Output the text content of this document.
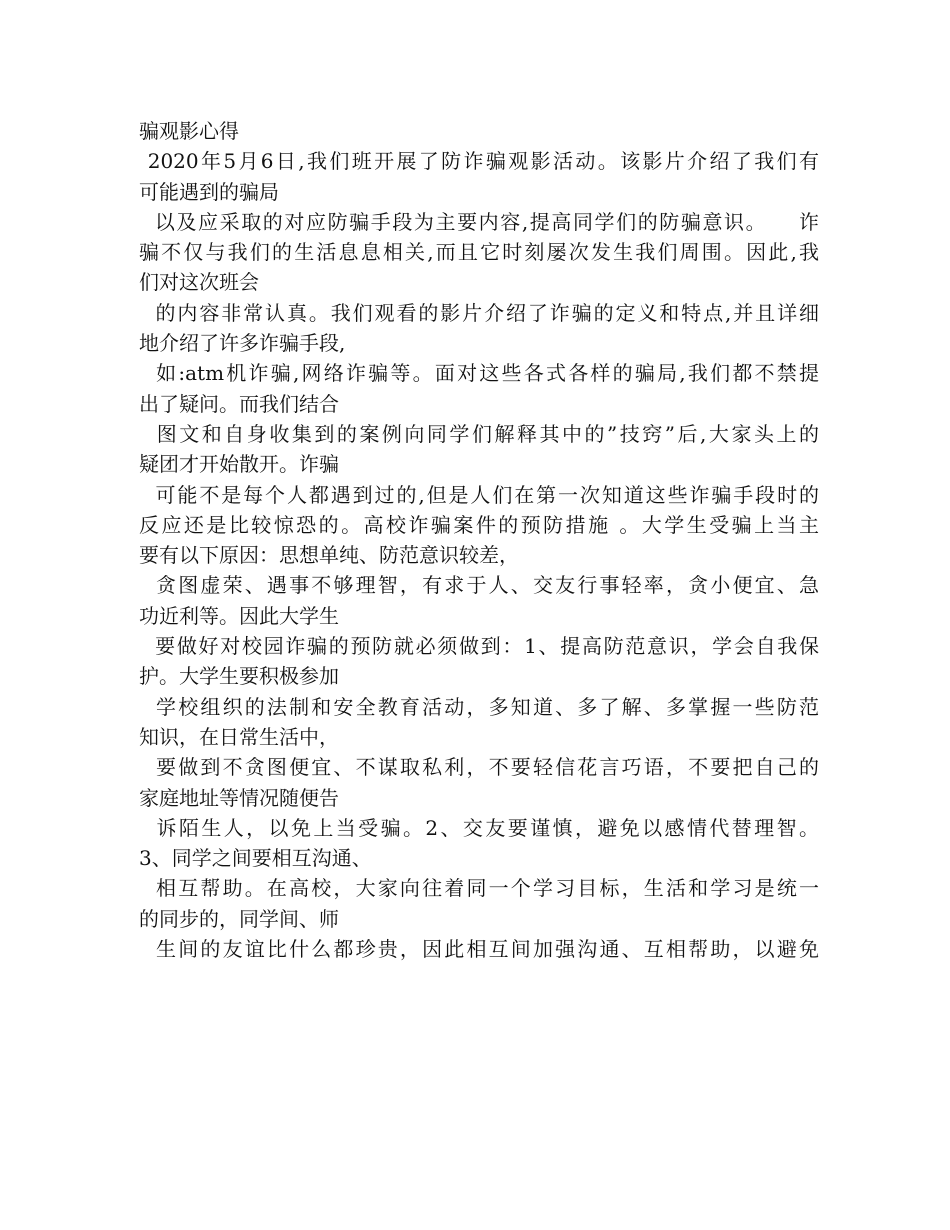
骗观影心得
2020年5月6日,我们班开展了防诈骗观影活动。该影片介绍了我们有
可能遇到的骗局
以及应采取的对应防骗手段为主要内容,提高同学们的防骗意识。    诈
骗不仅与我们的生活息息相关,而且它时刻屡次发生我们周围。因此,我
们对这次班会
的内容非常认真。我们观看的影片介绍了诈骗的定义和特点,并且详细
地介绍了许多诈骗手段,
如:atm机诈骗,网络诈骗等。面对这些各式各样的骗局,我们都不禁提
出了疑问。而我们结合
图文和自身收集到的案例向同学们解释其中的”技窍”后,大家头上的
疑团才开始散开。诈骗
可能不是每个人都遇到过的,但是人们在第一次知道这些诈骗手段时的
反应还是比较惊恐的。高校诈骗案件的预防措施 。大学生受骗上当主
要有以下原因：思想单纯、防范意识较差，
贪图虚荣、遇事不够理智，有求于人、交友行事轻率，贪小便宜、急
功近利等。因此大学生
要做好对校园诈骗的预防就必须做到：1、提高防范意识，学会自我保
护。大学生要积极参加
学校组织的法制和安全教育活动，多知道、多了解、多掌握一些防范
知识，在日常生活中，
要做到不贪图便宜、不谋取私利，不要轻信花言巧语，不要把自己的
家庭地址等情况随便告
诉陌生人，以免上当受骗。2、交友要谨慎，避免以感情代替理智。
3、同学之间要相互沟通、
相互帮助。在高校，大家向往着同一个学习目标，生活和学习是统一
的同步的，同学间、师
生间的友谊比什么都珍贵，因此相互间加强沟通、互相帮助，以避免
